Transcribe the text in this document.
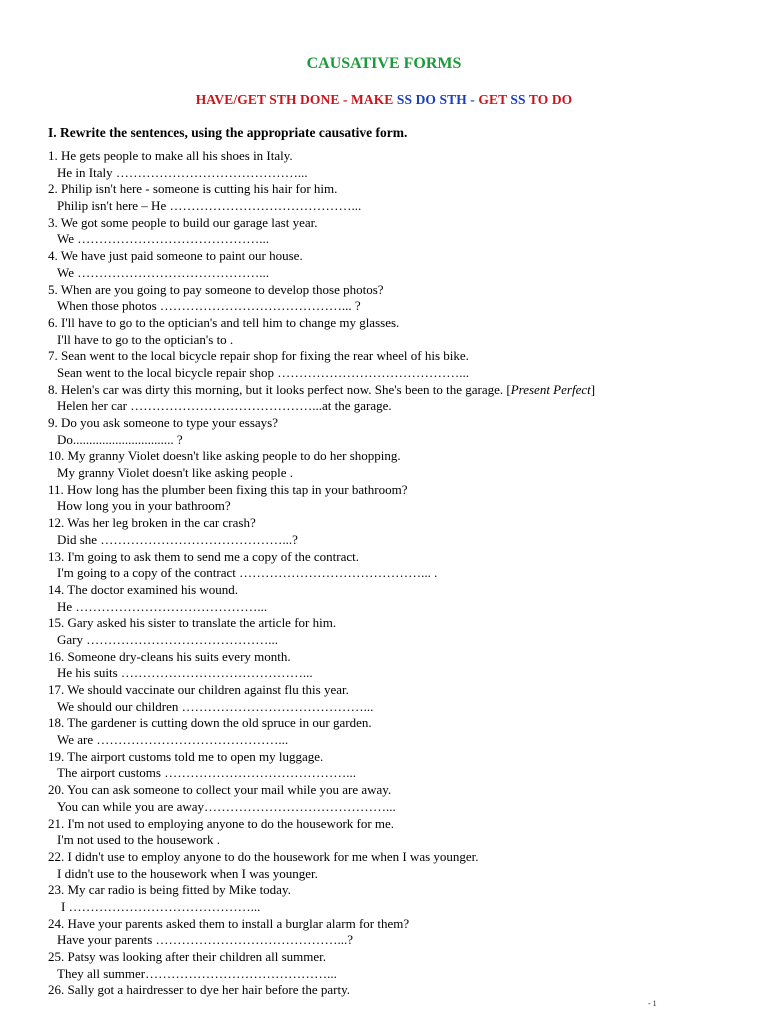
CAUSATIVE FORMS
HAVE/GET STH DONE - MAKE SS DO STH - GET SS TO DO
I. Rewrite the sentences, using the appropriate causative form.
1. He gets people to make all his shoes in Italy.
He in Italy ……………………………………...
2. Philip isn't here - someone is cutting his hair for him.
Philip isn't here – He ……………………………………...
3. We got some people to build our garage last year.
We ……………………………………...
4. We have just paid someone to paint our house.
We ……………………………………...
5. When are you going to pay someone to develop those photos?
When those photos ……………………………………... ?
6. I'll have to go to the optician's and tell him to change my glasses.
I'll have to go to the optician's to .
7. Sean went to the local bicycle repair shop for fixing the rear wheel of his bike.
Sean went to the local bicycle repair shop ……………………………………...
8. Helen's car was dirty this morning, but it looks perfect now. She's been to the garage. [Present Perfect]
Helen her car ……………………………………...at the garage.
9. Do you ask someone to type your essays?
Do............................... ?
10. My granny Violet doesn't like asking people to do her shopping.
My granny Violet doesn't like asking people .
11. How long has the plumber been fixing this tap in your bathroom?
How long you in your bathroom?
12. Was her leg broken in the car crash?
Did she ……………………………………...?
13. I'm going to ask them to send me a copy of the contract.
I'm going to a copy of the contract ……………………………………... .
14. The doctor examined his wound.
He ……………………………………...
15. Gary asked his sister to translate the article for him.
Gary ……………………………………...
16. Someone dry-cleans his suits every month.
He his suits ……………………………………...
17. We should vaccinate our children against flu this year.
We should our children ……………………………………...
18. The gardener is cutting down the old spruce in our garden.
We are ……………………………………...
19. The airport customs told me to open my luggage.
The airport customs ……………………………………...
20. You can ask someone to collect your mail while you are away.
You can while you are away……………………………………...
21. I'm not used to employing anyone to do the housework for me.
I'm not used to the housework .
22. I didn't use to employ anyone to do the housework for me when I was younger.
I didn't use to the housework when I was younger.
23. My car radio is being fitted by Mike today.
I ……………………………………...
24. Have your parents asked them to install a burglar alarm for them?
Have your parents ……………………………………...?
25. Patsy was looking after their children all summer.
They all summer……………………………………...
26. Sally got a hairdresser to dye her hair before the party.
- 1
